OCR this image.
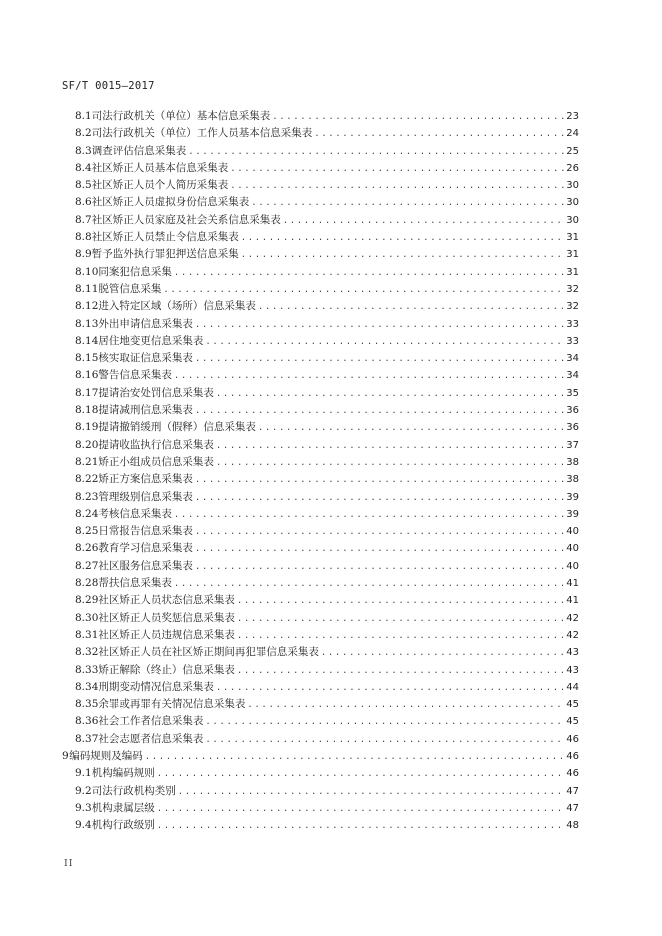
SF/T 0015—2017
8.1 司法行政机关（单位）基本信息采集表 .....	23
8.2 司法行政机关（单位）工作人员基本信息采集表 .....	24
8.3 调查评估信息采集表 .....	25
8.4 社区矫正人员基本信息采集表 .....	26
8.5 社区矫正人员个人简历采集表 .....	30
8.6 社区矫正人员虚拟身份信息采集表 .....	30
8.7 社区矫正人员家庭及社会关系信息采集表 .....	30
8.8 社区矫正人员禁止令信息采集表 .....	31
8.9 暂予监外执行罪犯押送信息采集 .....	31
8.10 同案犯信息采集 .....	31
8.11 脱管信息采集 .....	32
8.12 进入特定区域（场所）信息采集表 .....	32
8.13 外出申请信息采集表 .....	33
8.14 居住地变更信息采集表 .....	33
8.15 核实取证信息采集表 .....	34
8.16 警告信息采集表 .....	34
8.17 提请治安处罚信息采集表 .....	35
8.18 提请减刑信息采集表 .....	36
8.19 提请撤销缓刑（假释）信息采集表 .....	36
8.20 提请收监执行信息采集表 .....	37
8.21 矫正小组成员信息采集表 .....	38
8.22 矫正方案信息采集表 .....	38
8.23 管理级别信息采集表 .....	39
8.24 考核信息采集表 .....	39
8.25 日常报告信息采集表 .....	40
8.26 教育学习信息采集表 .....	40
8.27 社区服务信息采集表 .....	40
8.28 帮扶信息采集表 .....	41
8.29 社区矫正人员状态信息采集表 .....	41
8.30 社区矫正人员奖惩信息采集表 .....	42
8.31 社区矫正人员违规信息采集表 .....	42
8.32 社区矫正人员在社区矫正期间再犯罪信息采集表 .....	43
8.33 矫正解除（终止）信息采集表 .....	43
8.34 刑期变动情况信息采集表 .....	44
8.35 余罪或再罪有关情况信息采集表 .....	45
8.36 社会工作者信息采集表 .....	45
8.37 社会志愿者信息采集表 .....	46
9 编码规则及编码 .....	46
9.1 机构编码规则 .....	46
9.2 司法行政机构类别 .....	47
9.3 机构隶属层级 .....	47
9.4 机构行政级别 .....	48
II
